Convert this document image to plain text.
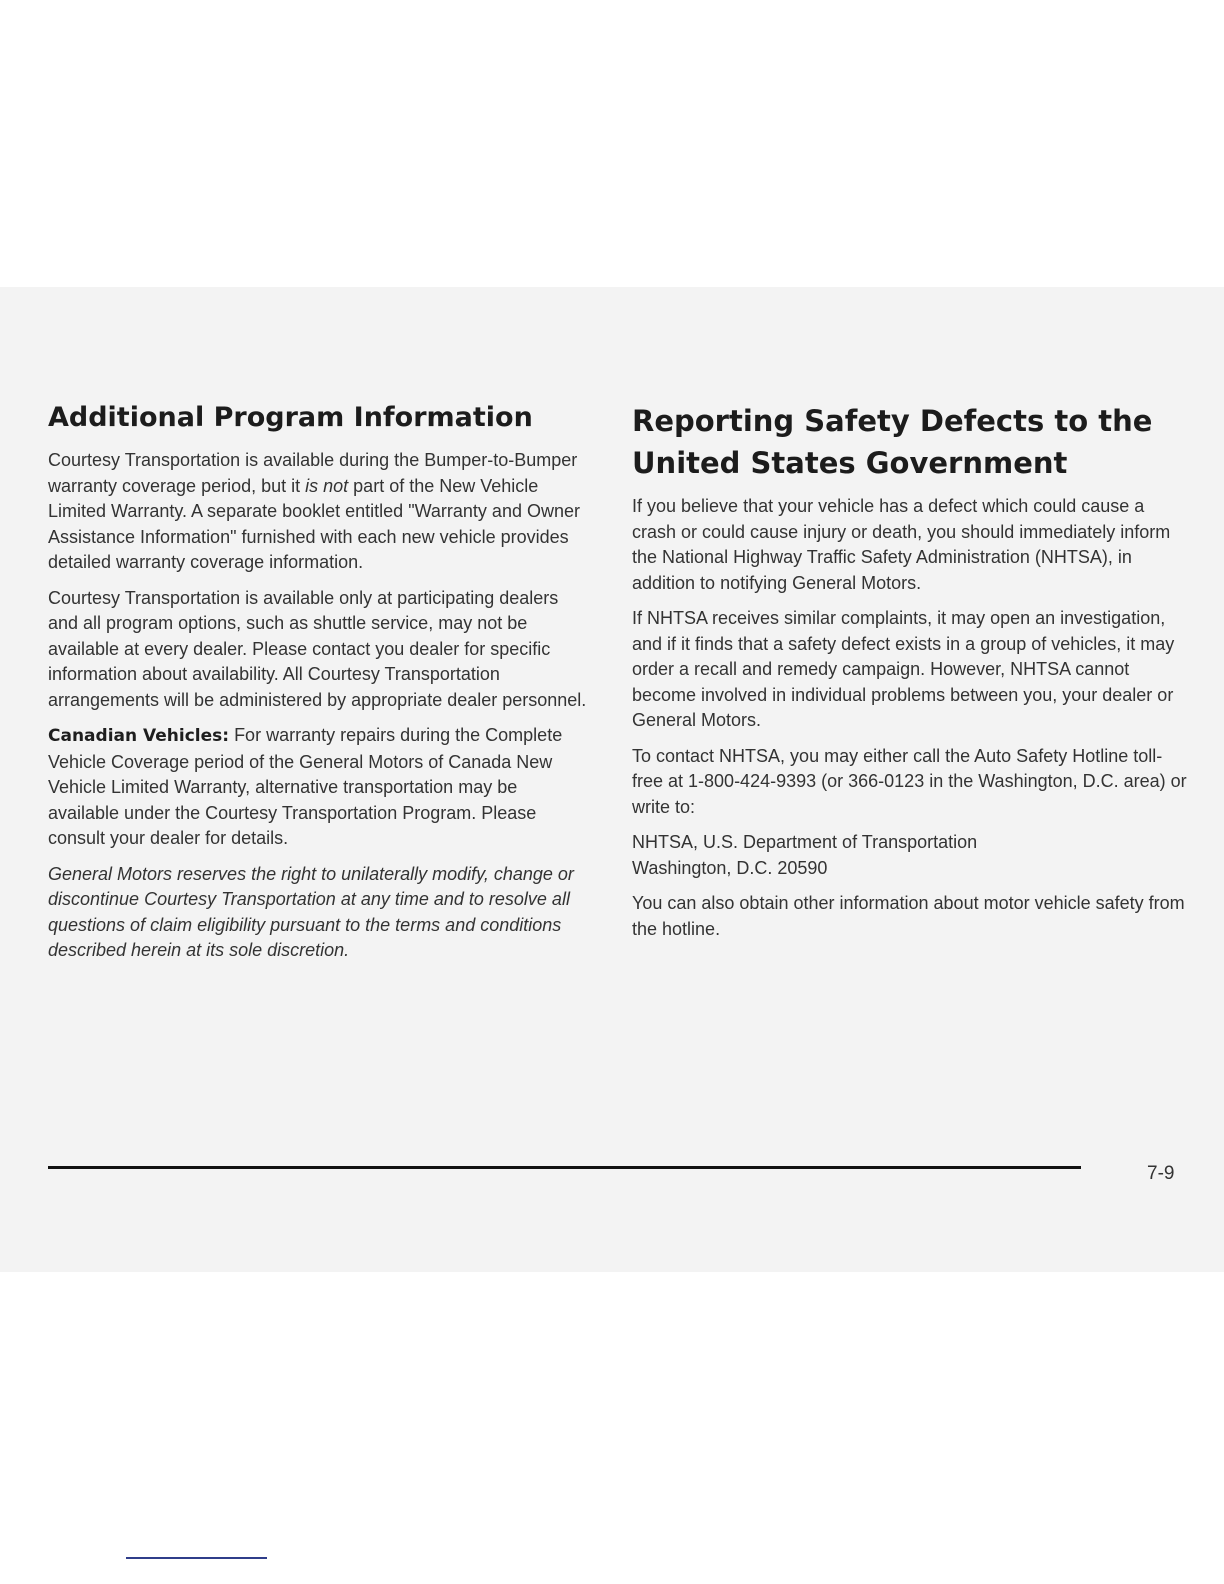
Additional Program Information

Courtesy Transportation is available during the Bumper-to-Bumper warranty coverage period, but it is not part of the New Vehicle Limited Warranty. A separate booklet entitled "Warranty and Owner Assistance Information" furnished with each new vehicle provides detailed warranty coverage information.

Courtesy Transportation is available only at participating dealers and all program options, such as shuttle service, may not be available at every dealer. Please contact you dealer for specific information about availability. All Courtesy Transportation arrangements will be administered by appropriate dealer personnel.

Canadian Vehicles: For warranty repairs during the Complete Vehicle Coverage period of the General Motors of Canada New Vehicle Limited Warranty, alternative transportation may be available under the Courtesy Transportation Program. Please consult your dealer for details.

General Motors reserves the right to unilaterally modify, change or discontinue Courtesy Transportation at any time and to resolve all questions of claim eligibility pursuant to the terms and conditions described herein at its sole discretion.

Reporting Safety Defects to the United States Government

If you believe that your vehicle has a defect which could cause a crash or could cause injury or death, you should immediately inform the National Highway Traffic Safety Administration (NHTSA), in addition to notifying General Motors.

If NHTSA receives similar complaints, it may open an investigation, and if it finds that a safety defect exists in a group of vehicles, it may order a recall and remedy campaign. However, NHTSA cannot become involved in individual problems between you, your dealer or General Motors.

To contact NHTSA, you may either call the Auto Safety Hotline toll-free at 1-800-424-9393 (or 366-0123 in the Washington, D.C. area) or write to:

NHTSA, U.S. Department of Transportation
Washington, D.C. 20590

You can also obtain other information about motor vehicle safety from the hotline.

7-9
